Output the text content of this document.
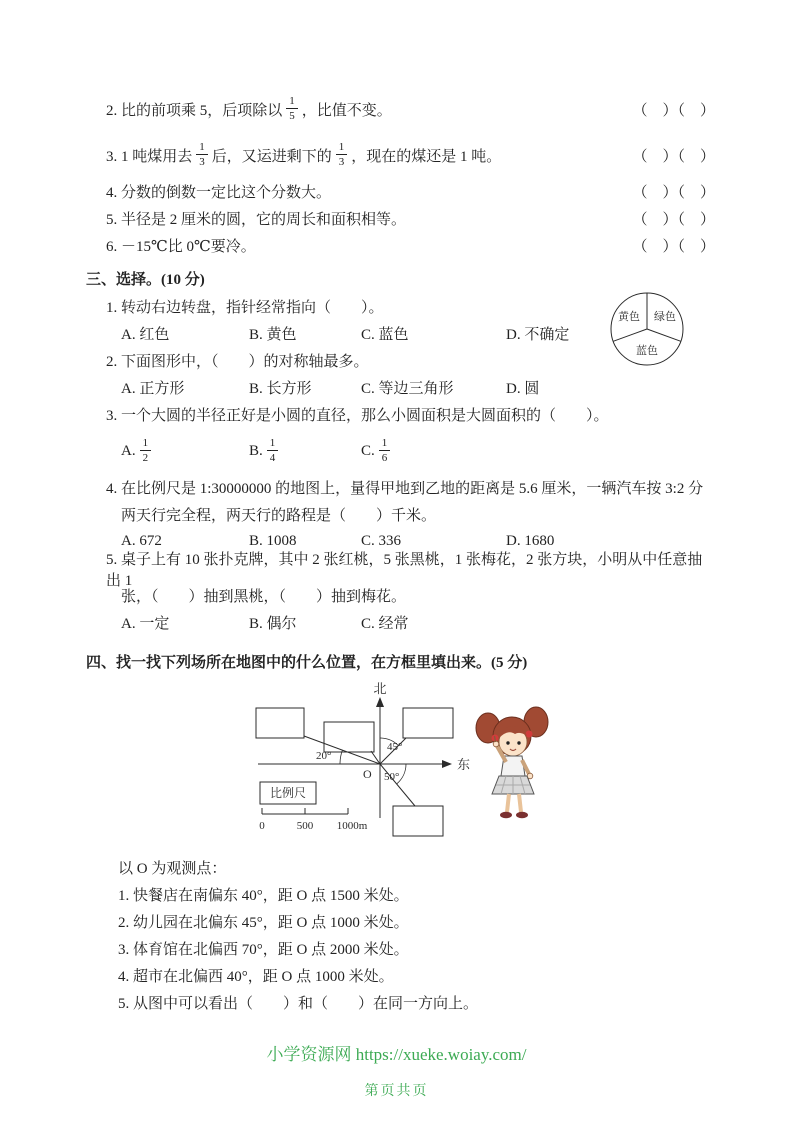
2. 比的前项乘 5，后项除以 $\frac{1}{5}$ ，比值不变。	（　）（　）
3. 1 吨煤用去 $\frac{1}{3}$ 后，又运进剩下的 $\frac{1}{3}$ ，现在的煤还是 1 吨。	（　）（　）
4. 分数的倒数一定比这个分数大。	（　）（　）
5. 半径是 2 厘米的圆，它的周长和面积相等。	（　）（　）
6. －15℃比 0℃要冷。	（　）（　）
三、选择。(10 分)
1. 转动右边转盘，指针经常指向（　　）。
A. 红色	B. 黄色	C. 蓝色	D. 不确定
2. 下面图形中，（　　）的对称轴最多。
A. 正方形	B. 长方形	C. 等边三角形	D. 圆
3. 一个大圆的半径正好是小圆的直径，那么小圆面积是大圆面积的（　　）。
A. $\frac{1}{2}$	B. $\frac{1}{4}$	C. $\frac{1}{6}$
4. 在比例尺是 1:30000000 的地图上，量得甲地到乙地的距离是 5.6 厘米，一辆汽车按 3:2 分
两天行完全程，两天行的路程是（　　）千米。
A. 672	B. 1008	C. 336	D. 1680
5. 桌子上有 10 张扑克牌，其中 2 张红桃，5 张黑桃，1 张梅花，2 张方块，小明从中任意抽出 1
张，（　　）抽到黑桃，（　　）抽到梅花。
A. 一定	B. 偶尔	C. 经常
四、找一找下列场所在地图中的什么位置，在方框里填出来。(5 分)
北
东
20°
45°
50°
O
比例尺
0	500 1000m
以 O 为观测点：
1. 快餐店在南偏东 40°，距 O 点 1500 米处。
2. 幼儿园在北偏东 45°，距 O 点 1000 米处。
3. 体育馆在北偏西 70°，距 O 点 2000 米处。
4. 超市在北偏西 40°，距 O 点 1000 米处。
5. 从图中可以看出（　　）和（　　）在同一方向上。
黄色 绿色
蓝色
小学资源网 https://xueke.woiay.com/
第页共页
